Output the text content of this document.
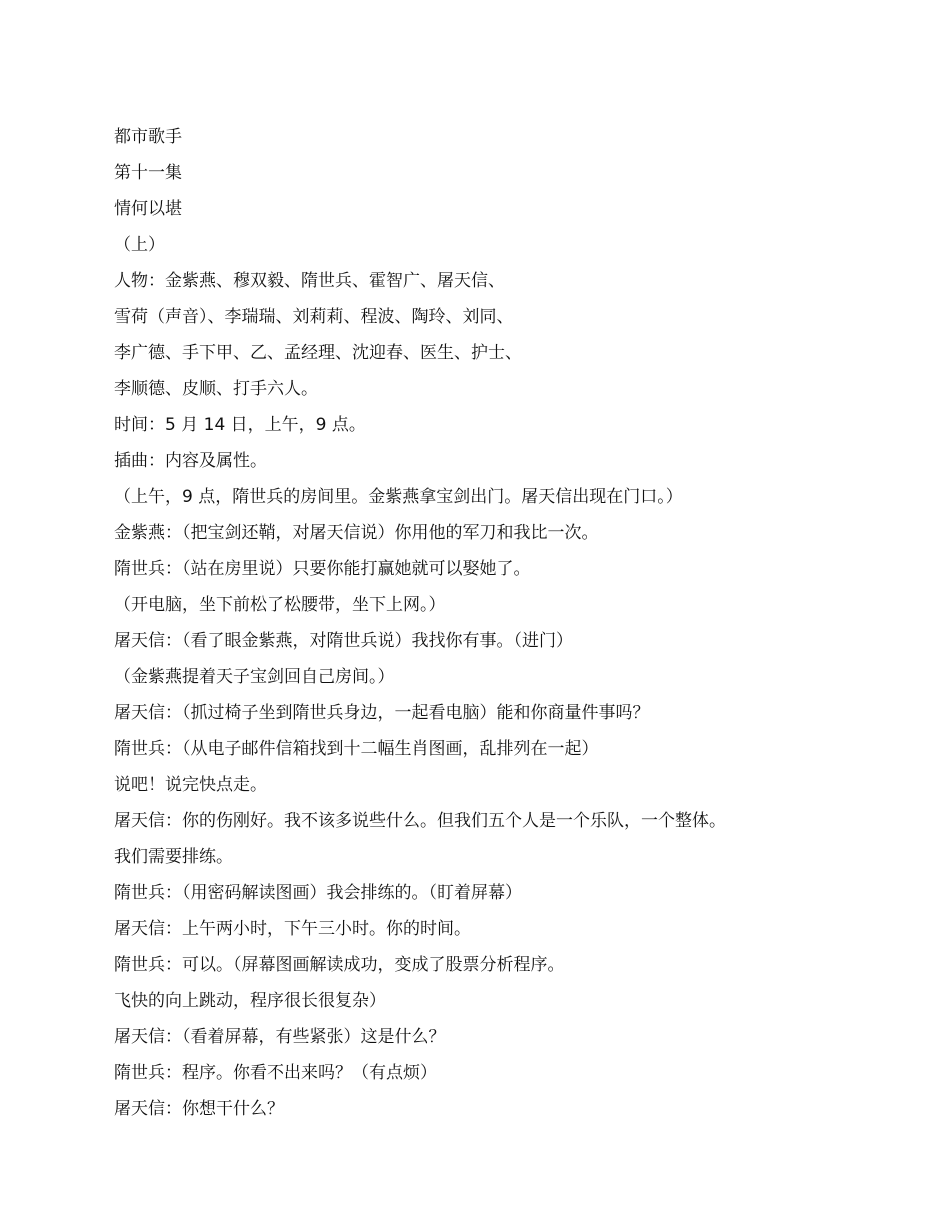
都市歌手
第十一集
情何以堪
（上）
人物：金紫燕、穆双毅、隋世兵、霍智广、屠天信、
雪荷（声音）、李瑞瑞、刘莉莉、程波、陶玲、刘同、
李广德、手下甲、乙、孟经理、沈迎春、医生、护士、
李顺德、皮顺、打手六人。
时间：5 月 14 日，上午，9 点。
插曲：内容及属性。
（上午，9 点，隋世兵的房间里。金紫燕拿宝剑出门。屠天信出现在门口。）
金紫燕：（把宝剑还鞘，对屠天信说）你用他的军刀和我比一次。
隋世兵：（站在房里说）只要你能打赢她就可以娶她了。
（开电脑，坐下前松了松腰带，坐下上网。）
屠天信：（看了眼金紫燕，对隋世兵说）我找你有事。（进门）
（金紫燕提着天子宝剑回自己房间。）
屠天信：（抓过椅子坐到隋世兵身边，一起看电脑）能和你商量件事吗？
隋世兵：（从电子邮件信箱找到十二幅生肖图画，乱排列在一起）
说吧！说完快点走。
屠天信：你的伤刚好。我不该多说些什么。但我们五个人是一个乐队，一个整体。
我们需要排练。
隋世兵：（用密码解读图画）我会排练的。（盯着屏幕）
屠天信：上午两小时，下午三小时。你的时间。
隋世兵：可以。（屏幕图画解读成功，变成了股票分析程序。
飞快的向上跳动，程序很长很复杂）
屠天信：（看着屏幕，有些紧张）这是什么？
隋世兵：程序。你看不出来吗？（有点烦）
屠天信：你想干什么？
